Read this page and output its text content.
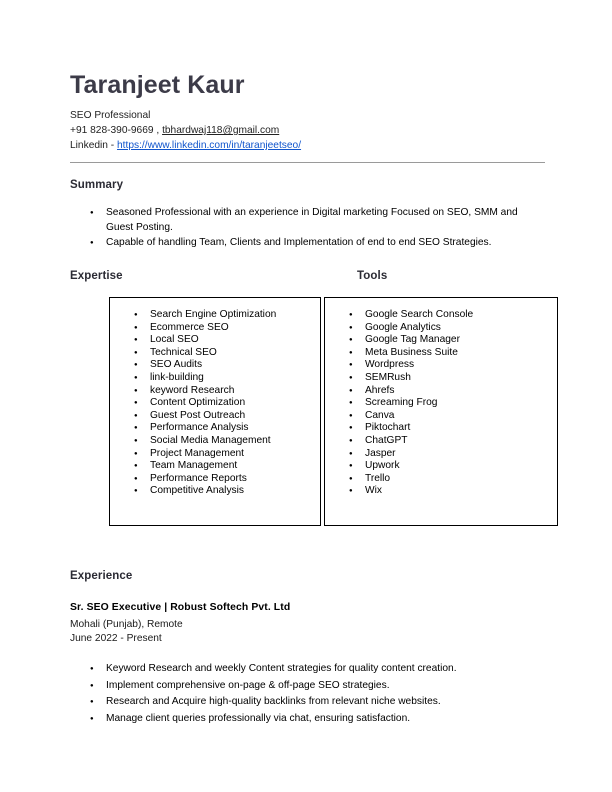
Taranjeet Kaur
SEO Professional
+91 828-390-9669 , tbhardwaj118@gmail.com
Linkedin - https://www.linkedin.com/in/taranjeetseo/
Summary
● Seasoned Professional with an experience in Digital marketing Focused on SEO, SMM and Guest Posting.
● Capable of handling Team, Clients and Implementation of end to end SEO Strategies.
Expertise	Tools
● Search Engine Optimization
● Ecommerce SEO
● Local SEO
● Technical SEO
● SEO Audits
● link-building
● keyword Research
● Content Optimization
● Guest Post Outreach
● Performance Analysis
● Social Media Management
● Project Management
● Team Management
● Performance Reports
● Competitive Analysis
● Google Search Console
● Google Analytics
● Google Tag Manager
● Meta Business Suite
● Wordpress
● SEMRush
● Ahrefs
● Screaming Frog
● Canva
● Piktochart
● ChatGPT
● Jasper
● Upwork
● Trello
● Wix
Experience
Sr. SEO Executive | Robust Softech Pvt. Ltd
Mohali (Punjab), Remote
June 2022 - Present
● Keyword Research and weekly Content strategies for quality content creation.
● Implement comprehensive on-page & off-page SEO strategies.
● Research and Acquire high-quality backlinks from relevant niche websites.
● Manage client queries professionally via chat, ensuring satisfaction.
